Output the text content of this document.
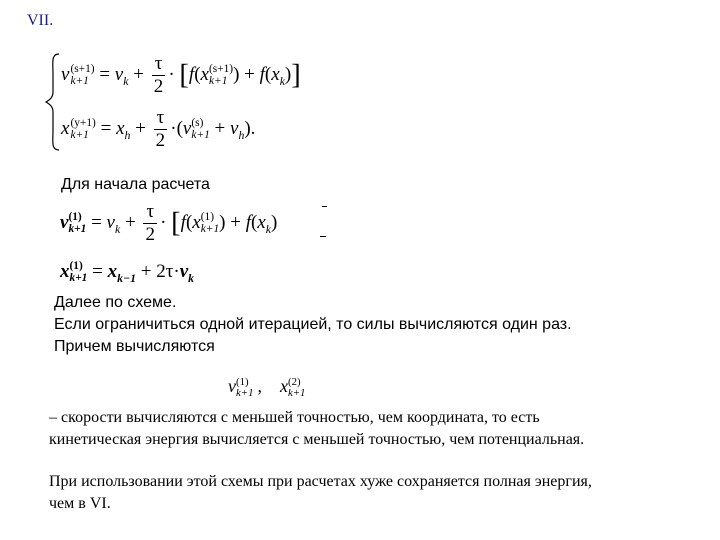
VII.
v (s+1)
$k+1 = v_k + \frac{\tau}{2} \cdot [f(x$ (s+1)
k+1 ) + $f(x_k)$]
x (y+1)
$k+1 = x_h + \frac{\tau}{2} \cdot(v$ (s)
$k+1 + v_h$).
Для начала расчета
v (1)
$k+1 = v_k + \frac{\tau}{2} \cdot [f(x$ (1)
k+1 ) + $f(x_k)$
x (1)
$k+1 = x_{k-1} + 2\tau\cdot v_k$
Далее по схеме.
Если ограничиться одной итерацией, то силы вычисляются один раз.
Причем вычисляются
v (1)
k+1 , x (2)
k+1
– скорости вычисляются с меньшей точностью, чем координата, то есть
кинетическая энергия вычисляется с меньшей точностью, чем потенциальная.
При использовании этой схемы при расчетах хуже сохраняется полная энергия,
чем в VI.
